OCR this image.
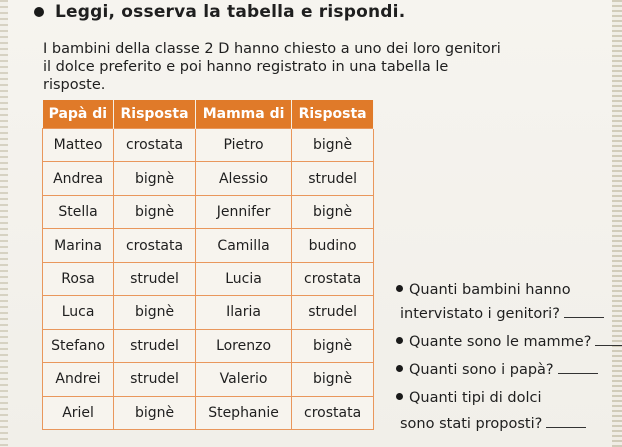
Leggi, osserva la tabella e rispondi.
I bambini della classe 2 D hanno chiesto a uno dei loro genitori
il dolce preferito e poi hanno registrato in una tabella le risposte.
Papà di	Risposta	Mamma di	Risposta
Matteo	crostata	Pietro	bignè
Andrea	bignè	Alessio	strudel
Stella	bignè	Jennifer	bignè
Marina	crostata	Camilla	budino
Rosa	strudel	Lucia	crostata
Luca	bignè	Ilaria	strudel
Stefano	strudel	Lorenzo	bignè
Andrei	strudel	Valerio	bignè
Ariel	bignè	Stephanie	crostata
Quanti bambini hanno
intervistato i genitori?
Quante sono le mamme?
Quanti sono i papà?
Quanti tipi di dolci
sono stati proposti?
